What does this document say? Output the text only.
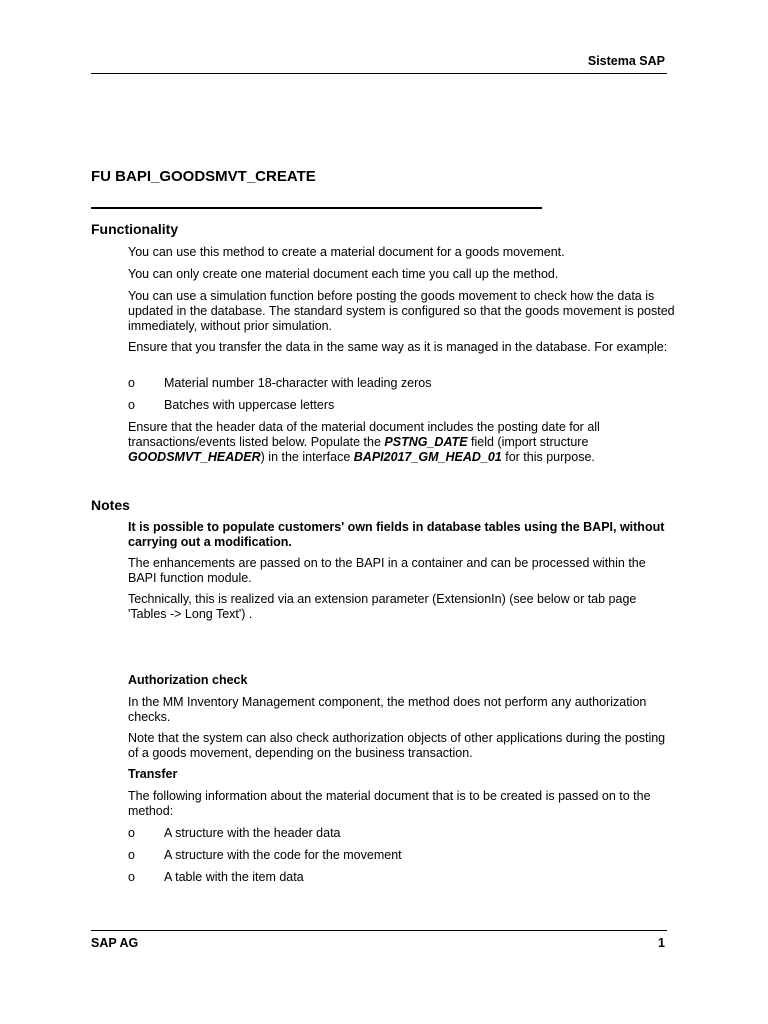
Sistema SAP
FU BAPI_GOODSMVT_CREATE
Functionality
You can use this method to create a material document for a goods movement.
You can only create one material document each time you call up the method.
You can use a simulation function before posting the goods movement to check how the data is updated in the database. The standard system is configured so that the goods movement is posted immediately, without prior simulation.
Ensure that you transfer the data in the same way as it is managed in the database. For example:
o Material number 18-character with leading zeros
o Batches with uppercase letters
Ensure that the header data of the material document includes the posting date for all transactions/events listed below. Populate the PSTNG_DATE field (import structure GOODSMVT_HEADER) in the interface BAPI2017_GM_HEAD_01 for this purpose.
Notes
It is possible to populate customers' own fields in database tables using the BAPI, without carrying out a modification.
The enhancements are passed on to the BAPI in a container and can be processed within the BAPI function module.
Technically, this is realized via an extension parameter (ExtensionIn) (see below or tab page 'Tables -> Long Text') .
Authorization check
In the MM Inventory Management component, the method does not perform any authorization checks.
Note that the system can also check authorization objects of other applications during the posting of a goods movement, depending on the business transaction.
Transfer
The following information about the material document that is to be created is passed on to the method:
o A structure with the header data
o A structure with the code for the movement
o A table with the item data
SAP AG	1
